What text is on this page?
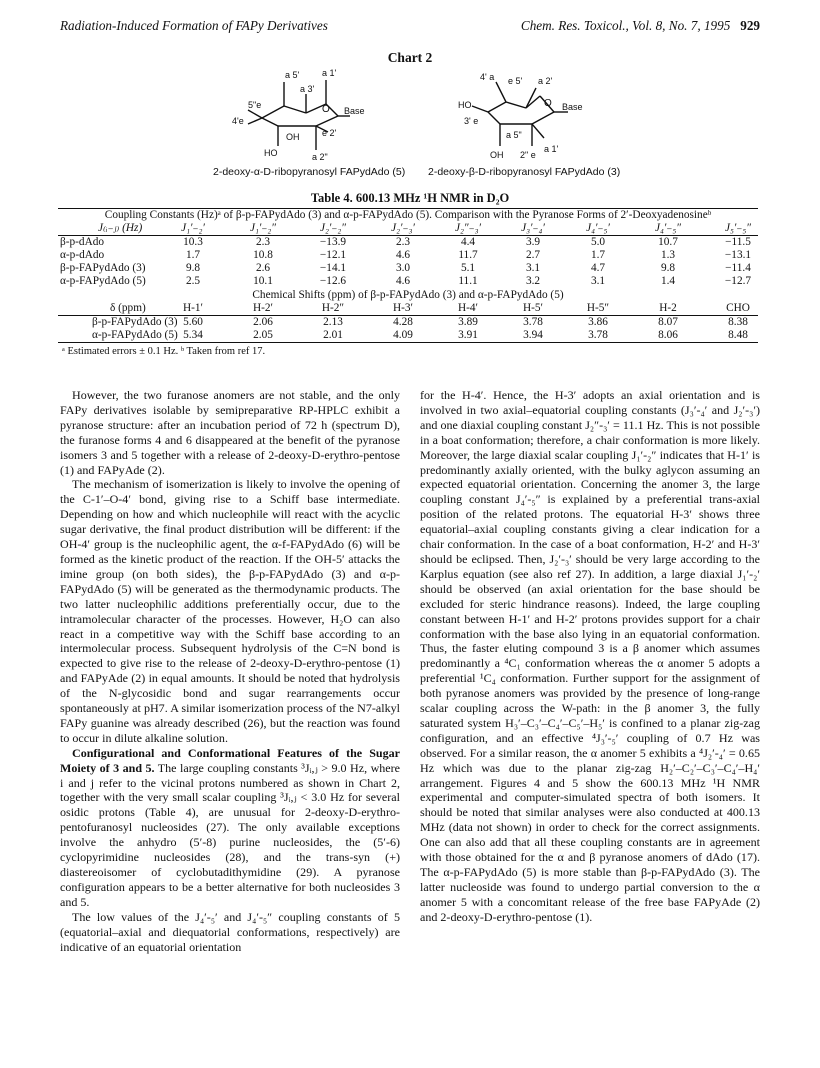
Radiation-Induced Formation of FAPy Derivatives	Chem. Res. Toxicol., Vol. 8, No. 7, 1995 929
Chart 2
a 5'	a 1'
a 3'
5"e
4'e
O Base
e 2'
OH
HO	a 2"
2-deoxy-α-D-ribopyranosyl FAPydAdo (5)
4' a e 5' a 2'
O
HO
3' e
Base
a 5"
OH 2" e
a 1'
2-deoxy-β-D-ribopyranosyl FAPydAdo (3)
Table 4. 600.13 MHz ¹H NMR in D₂O
Coupling Constants (Hz)ᵃ of β-p-FAPydAdo (3) and α-p-FAPydAdo (5). Comparison with the Pyranose Forms of 2′-Deoxyadenosineᵇ
J₍ᵢ₋ⱼ₎ (Hz)	J₁′₋₂′	J₁′₋₂″	J₂′₋₂″	J₂′₋₃′	J₂″₋₃′	J₃′₋₄′	J₄′₋₅′	J₄′₋₅″	J₅′₋₅″
β-p-dAdo	10.3	2.3	−13.9	2.3	4.4	3.9	5.0	10.7	−11.5
α-p-dAdo	1.7	10.8	−12.1	4.6	11.7	2.7	1.7	1.3	−13.1
β-p-FAPydAdo (3)	9.8	2.6	−14.1	3.0	5.1	3.1	4.7	9.8	−11.4
α-p-FAPydAdo (5)	2.5	10.1	−12.6	4.6	11.1	3.2	3.1	1.4	−12.7
Chemical Shifts (ppm) of β-p-FAPydAdo (3) and α-p-FAPydAdo (5)
δ (ppm)	H-1′	H-2′	H-2″	H-3′	H-4′	H-5′	H-5″	H-2	CHO
β-p-FAPydAdo (3) 5.60	2.06	2.13	4.28	3.89	3.78	3.86	8.07	8.38
α-p-FAPydAdo (5) 5.34	2.05	2.01	4.09	3.91	3.94	3.78	8.06	8.48
ᵃ Estimated errors ± 0.1 Hz. ᵇ Taken from ref 17.

However, the two furanose anomers are not stable, and the only FAPy derivatives isolable by semipreparative RP-HPLC exhibit a pyranose structure: after an incubation period of 72 h (spectrum D), the furanose forms 4 and 6 disappeared at the benefit of the pyranose isomers 3 and 5 together with a release of 2-deoxy-D-erythro-pentose (1) and FAPyAde (2).

The mechanism of isomerization is likely to involve the opening of the C-1′–O-4′ bond, giving rise to a Schiff base intermediate. Depending on how and which nucleophile will react with the acyclic sugar derivative, the final product distribution will be different: if the OH-4′ group is the nucleophilic agent, the α-f-FAPydAdo (6) will be formed as the kinetic product of the reaction. If the OH-5′ attacks the imine group (on both sides), the β-p-FAPydAdo (3) and α-p-FAPydAdo (5) will be generated as the thermodynamic products. The two latter nucleophilic additions preferentially occur, due to the intramolecular character of the processes. However, H₂O can also react in a competitive way with the Schiff base according to an intermolecular process. Subsequent hydrolysis of the C=N bond is expected to give rise to the release of 2-deoxy-D-erythro-pentose (1) and FAPyAde (2) in equal amounts. It should be noted that hydrolysis of the N-glycosidic bond and sugar rearrangements occur spontaneously at pH7. A similar isomerization process of the N7-alkyl FAPy guanine was already described (26), but the reaction was found to occur in dilute alkaline solution.

Configurational and Conformational Features of the Sugar Moiety of 3 and 5. The large coupling constants ³Jᵢ,ⱼ > 9.0 Hz, where i and j refer to the vicinal protons numbered as shown in Chart 2, together with the very small scalar coupling ³Jᵢ,ⱼ < 3.0 Hz for several osidic protons (Table 4), are unusual for 2-deoxy-D-erythro-pentofuranosyl nucleosides (27). The only available exceptions involve the anhydro (5′-8) purine nucleosides, the (5′-6) cyclopyrimidine nucleosides (28), and the trans-syn (+) diastereoisomer of cyclobutadithymidine (29). A pyranose configuration appears to be a better alternative for both nucleosides 3 and 5.

The low values of the J₄′-₅′ and J₄′-₅″ coupling constants of 5 (equatorial–axial and diequatorial conformations, respectively) are indicative of an equatorial orientation

for the H-4′. Hence, the H-3′ adopts an axial orientation and is involved in two axial–equatorial coupling constants (J₃′-₄′ and J₂′-₃′) and one diaxial coupling constant J₂″-₃′ = 11.1 Hz. This is not possible in a boat conformation; therefore, a chair conformation is more likely. Moreover, the large diaxial scalar coupling J₁′-₂″ indicates that H-1′ is predominantly axially oriented, with the bulky aglycon assuming an expected equatorial orientation. Concerning the anomer 3, the large coupling constant J₄′-₅″ is explained by a preferential trans-axial position of the related protons. The equatorial H-3′ shows three equatorial–axial coupling constants giving a clear indication for a chair conformation. In the case of a boat conformation, H-2′ and H-3′ should be eclipsed. Then, J₂′-₃′ should be very large according to the Karplus equation (see also ref 27). In addition, a large diaxial J₁′-₂′ should be observed (an axial orientation for the base should be excluded for steric hindrance reasons). Indeed, the large coupling constant between H-1′ and H-2′ protons provides support for a chair conformation with the base also lying in an equatorial conformation. Thus, the faster eluting compound 3 is a β anomer which assumes predominantly a ⁴C₁ conformation whereas the α anomer 5 adopts a preferential ¹C₄ conformation. Further support for the assignment of both pyranose anomers was provided by the presence of long-range scalar coupling across the W-path: in the β anomer 3, the fully saturated system H₃′–C₃′–C₄′–C₅′–H₅′ is confined to a planar zig-zag configuration, and an effective ⁴J₃′-₅′ coupling of 0.7 Hz was observed. For a similar reason, the α anomer 5 exhibits a ⁴J₂′-₄′ = 0.65 Hz which was due to the planar zig-zag H₂′–C₂′–C₃′–C₄′–H₄′ arrangement. Figures 4 and 5 show the 600.13 MHz ¹H NMR experimental and computer-simulated spectra of both isomers. It should be noted that similar analyses were also conducted at 400.13 MHz (data not shown) in order to check for the correct assignments. One can also add that all these coupling constants are in agreement with those obtained for the α and β pyranose anomers of dAdo (17). The α-p-FAPydAdo (5) is more stable than β-p-FAPydAdo (3). The latter nucleoside was found to undergo partial conversion to the α anomer 5 with a concomitant release of the free base FAPyAde (2) and 2-deoxy-D-erythro-pentose (1).
